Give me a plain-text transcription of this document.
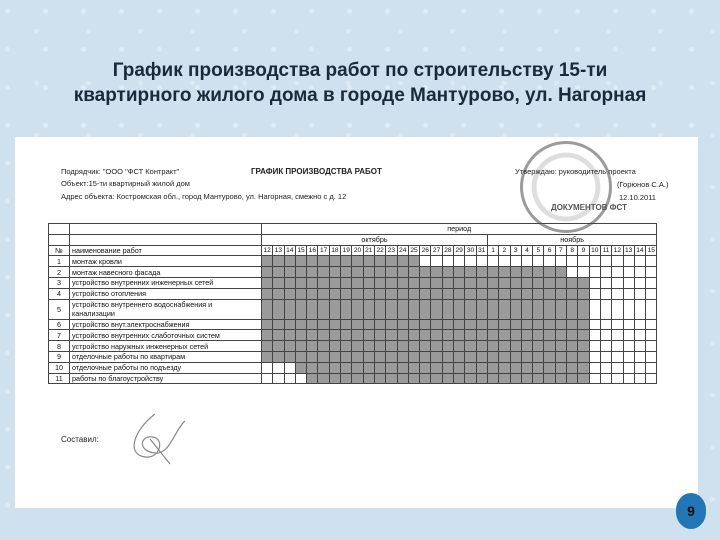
График производства работ по строительству 15-ти
квартирного жилого дома в городе Мантурово, ул. Нагорная
Подрядчик: "ООО "ФСТ Контракт"
Объект:15-ти квартирный жилой дом
Адрес объекта: Костромская обл., город Мантурово, ул. Нагорная, смежно с д. 12
ГРАФИК ПРОИЗВОДСТВА РАБОТ
ДОКУМЕНТОВ ФСТ
Утверждаю: руководитель проекта
(Горюнов С.А.)
12.10.2011
		период																																		
		октябрь																				ноябрь														
№	наименование работ	12	13	14	15	16	17	18	19	20	21	22	23	24	25	26	27	28	29	30	31	1	2	3	4	5	6	7	8	9	10	11	12	13	14	15
1	монтаж кровли																																			
2	монтаж навесного фасада																																			
3	устройство внутренних инженерных сетей																																			
4	устройство отопления																																			
5	устройство внутреннего водоснабжения и
канализации																																			

6	устройство внут.электроснабжения																																			
7	устройство внутренних слаботочных систем																																			
8	устройство наружных инженерных сетей																																			
9	отделочные работы по квартирам																																			
10	отделочные работы по подъезду																																			
11	работы по благоустройству																																			
Составил:
9
